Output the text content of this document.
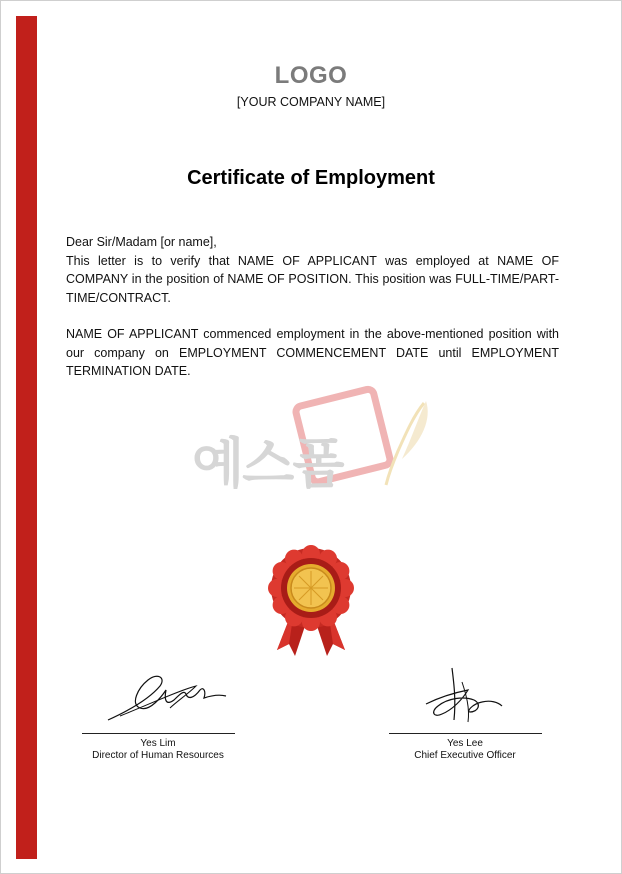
LOGO
[YOUR COMPANY NAME]
Certificate of Employment

Dear Sir/Madam [or name],

This letter is to verify that NAME OF APPLICANT was employed at NAME OF COMPANY in the position of NAME OF POSITION. This position was FULL-TIME/PART-TIME/CONTRACT.

NAME OF APPLICANT commenced employment in the above-mentioned position with our company on EMPLOYMENT COMMENCEMENT DATE until EMPLOYMENT TERMINATION DATE.

예스폼
Yes Lim
Director of Human Resources
Yes Lee
Chief Executive Officer
